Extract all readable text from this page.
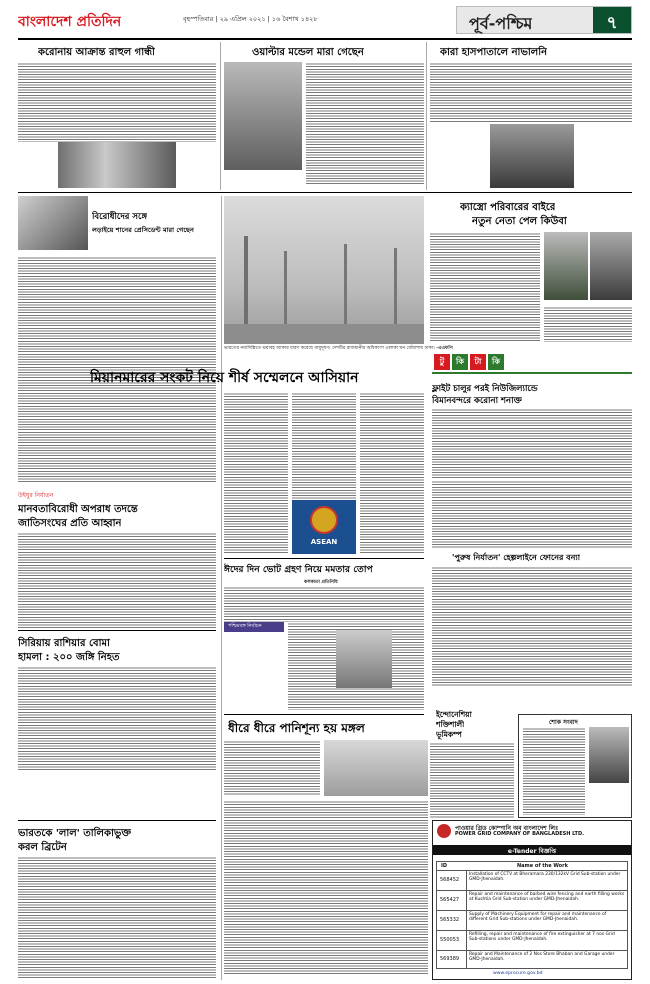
বাংলাদেশ প্রতিদিন	বৃহস্পতিবার | ২৯ এপ্রিল ২০২১ | ১৬ বৈশাখ ১৪২৮	পূর্ব-পশ্চিম	৭
করোনায় আক্রান্ত রাহুল গান্ধী	ওয়াল্টার মন্ডেল মারা গেছেন	কারা হাসপাতালে নাভালনি
বিরোধীদের সঙ্গে
লড়াইয়ে শানের প্রেসিডেন্ট মারা গেছেন
উইঘুর নির্যাতন
মানবতাবিরোধী অপরাধ তদন্তে
জাতিসংঘের প্রতি আহ্বান
সিরিয়ায় রাশিয়ার বোমা
হামলা : ২০০ জঙ্গি নিহত
ভারতকে 'লাল' তালিকাভুক্ত
করল ব্রিটেন
ভারতের নয়াদিল্লিতে ভয়াবহ আকার ধারণ করেছে বায়ুদূষণ। দেশটির রাজধানীর অধিকাংশ এলাকা ঘন ধোঁয়াশায় ঢাকা। -এএফপি
ক্যাস্ত্রো পরিবারের বাইরে
নতুন নেতা পেল কিউবা
মিয়ানমারের সংকট নিয়ে শীর্ষ সম্মেলনে আসিয়ান
টু	কি	টা	কি
ASEAN
ফ্লাইট চালুর পরই নিউজিল্যান্ডে
বিমানবন্দরে করোনা শনাক্ত
'পুরুষ নির্যাতন' হেল্পলাইনে ফোনের বন্যা
ঈদের দিন ভোট গ্রহণ নিয়ে মমতার তোপ
কলকাতা প্রতিনিধি
পশ্চিমবঙ্গ নির্বাচন
ইন্দোনেশিয়া
শক্তিশালী
ভূমিকম্প
শোক সংবাদ
ধীরে ধীরে পানিশূন্য হয় মঙ্গল
পাওয়ার গ্রিড কোম্পানি অব বাংলাদেশ লিঃ
POWER GRID COMPANY OF BANGLADESH LTD.
e-Tender বিজ্ঞপ্তি
ID	Name of the Work
568452
Installation of CCTV at Bheramara 230/132kV Grid Sub-station under GMD-Jhenaidah.
565427
Repair and maintenance of barbed wire fencing and earth filling works at Kushtia Grid Sub-station under GMD-Jhenaidah.
565332
Supply of Machinery Equipment for repair and maintenance of different Grid Sub-stations under GMD-Jhenaidah.
550053
Refilling, repair and maintenance of fire extinguisher at 7 nos Grid Sub-stations under GMD-Jhenaidah.
569389
Repair and Maintenance of 2 Nos Store Bhaban and Garage under GMD-Jhenaidah.
www.eprocure.gov.bd
